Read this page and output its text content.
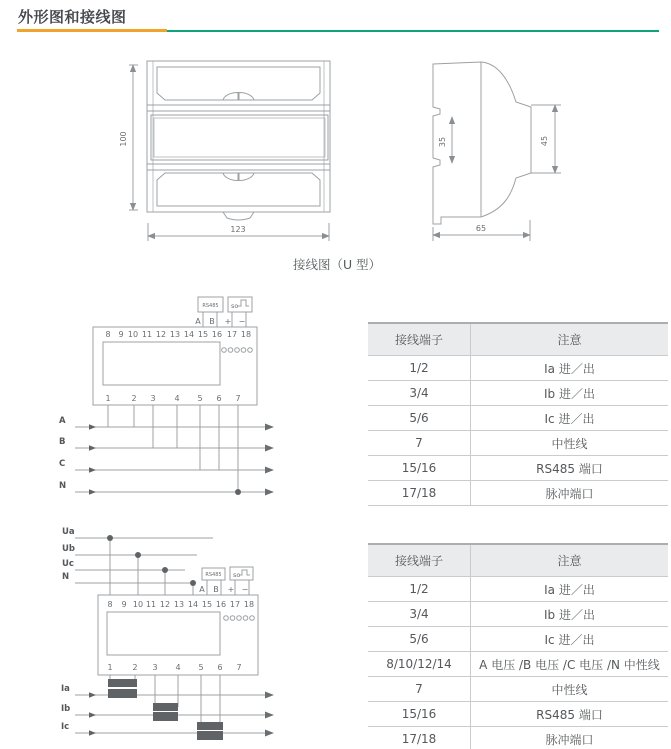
外形图和接线图
100
123
35	45
65
接线图（U 型）
RS485 so
A B + −
8 9 10 11 12 13 14 15 16 17 18
1	2 3 4 5 6 7
A
B
C
N
接线端子	注意
1/2	Ia 进／出
3/4	Ib 进／出
5/6	Ic 进／出
7	中性线
15/16	RS485 端口
17/18	脉冲端口
Ua
Ub
Uc
N	RS485 so
A B + −
8 9 10 11 12 13 14 15 16 17 18
1 2 3 4 5 6 7
Ia
Ib
Ic
接线端子	注意
1/2	Ia 进／出
3/4	Ib 进／出
5/6	Ic 进／出
8/10/12/14	A 电压 /B 电压 /C 电压 /N 中性线
7	中性线
15/16	RS485 端口
17/18	脉冲端口
